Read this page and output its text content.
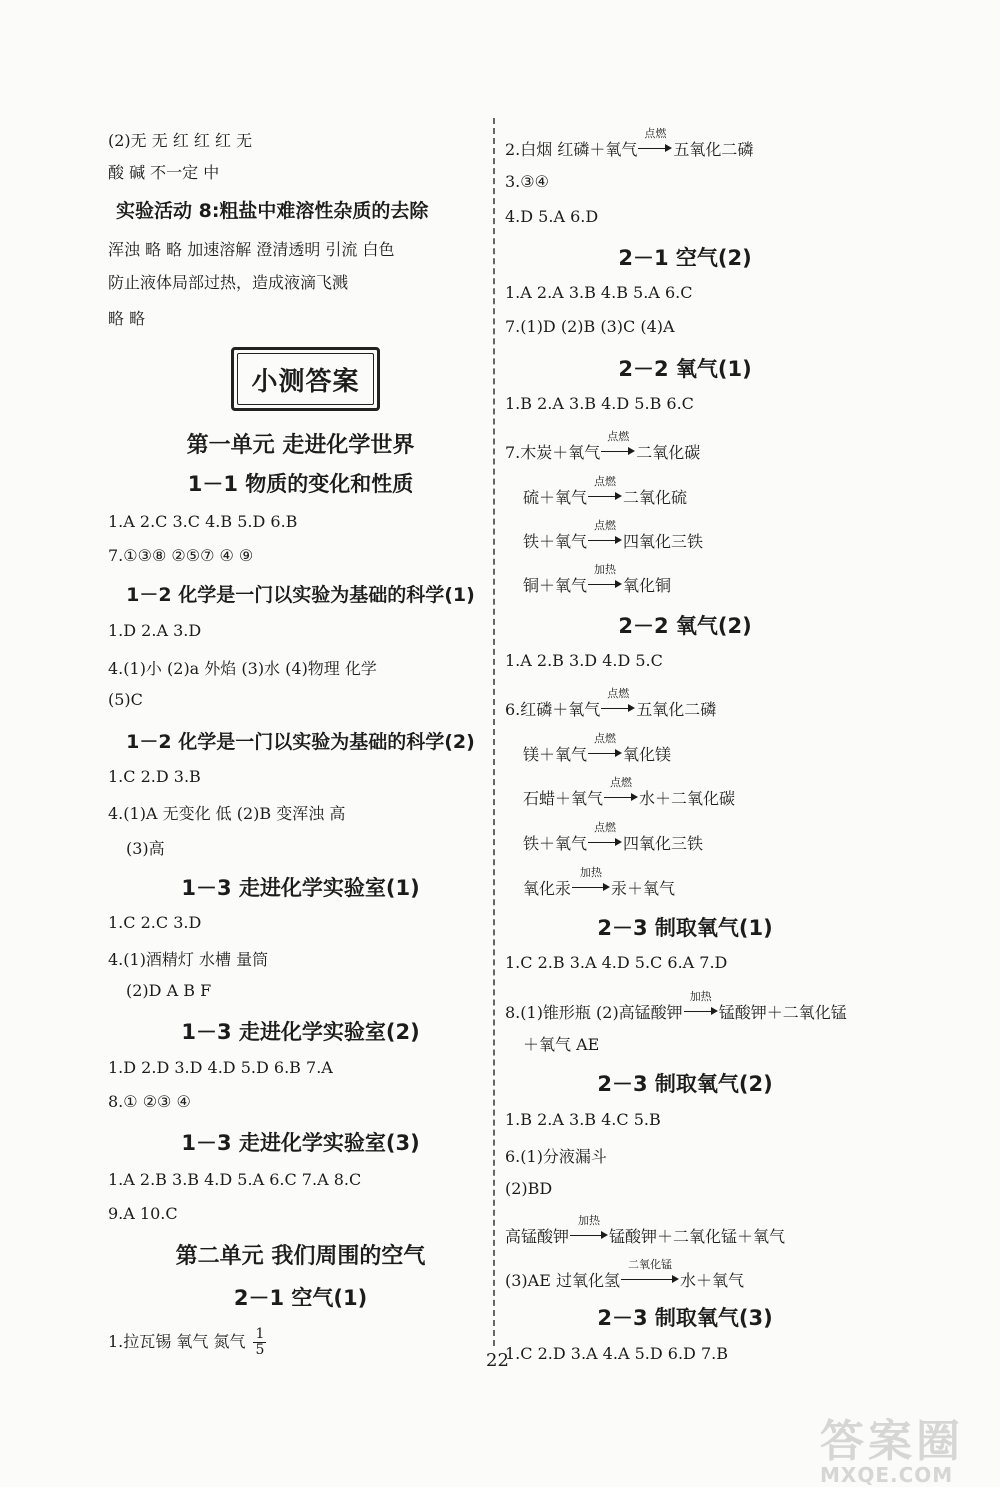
(2)无 无 红 红 红 无
酸 碱 不一定 中
实验活动 8:粗盐中难溶性杂质的去除
浑浊 略 略 加速溶解 澄清透明 引流 白色
防止液体局部过热，造成液滴飞溅
略 略
小测答案
第一单元 走进化学世界
1－1 物质的变化和性质
1.A 2.C 3.C 4.B 5.D 6.B
7.①③⑧ ②⑤⑦ ④ ⑨
1－2 化学是一门以实验为基础的科学(1)
1.D 2.A 3.D
4.(1)小 (2)a 外焰 (3)水 (4)物理 化学
(5)C
1－2 化学是一门以实验为基础的科学(2)
1.C 2.D 3.B
4.(1)A 无变化 低 (2)B 变浑浊 高
(3)高
1－3 走进化学实验室(1)
1.C 2.C 3.D
4.(1)酒精灯 水槽 量筒
(2)D A B F
1－3 走进化学实验室(2)
1.D 2.D 3.D 4.D 5.D 6.B 7.A
8.① ②③ ④
1－3 走进化学实验室(3)
1.A 2.B 3.B 4.D 5.A 6.C 7.A 8.C
9.A 10.C
第二单元 我们周围的空气
2－1 空气(1)
1.拉瓦锡 氧气 氮气 $\frac{1}{5}$
2.白烟 红磷＋氧气
点燃
五氧化二磷
3.③④
4.D 5.A 6.D
2－1 空气(2)
1.A 2.A 3.B 4.B 5.A 6.C
7.(1)D (2)B (3)C (4)A
2－2 氧气(1)
1.B 2.A 3.B 4.D 5.B 6.C
7.木炭＋氧气
点燃
二氧化碳
硫＋氧气
点燃
二氧化硫
铁＋氧气
点燃
四氧化三铁
铜＋氧气
加热
氧化铜
2－2 氧气(2)
1.A 2.B 3.D 4.D 5.C
6.红磷＋氧气
点燃
五氧化二磷
镁＋氧气
点燃
氧化镁
石蜡＋氧气
点燃
水＋二氧化碳
铁＋氧气
点燃
四氧化三铁
氧化汞
加热
汞＋氧气
2－3 制取氧气(1)
1.C 2.B 3.A 4.D 5.C 6.A 7.D
8.(1)锥形瓶 (2)高锰酸钾
加热
锰酸钾＋二氧化锰
＋氧气 AE
2－3 制取氧气(2)
1.B 2.A 3.B 4.C 5.B
6.(1)分液漏斗
(2)BD
高锰酸钾
加热
锰酸钾＋二氧化锰＋氧气
(3)AE 过氧化氢
二氧化锰
水＋氧气
2－3 制取氧气(3)
1.C 2.D 3.A 4.A 5.D 6.D 7.B
22
答案圈
MXQE.COM
